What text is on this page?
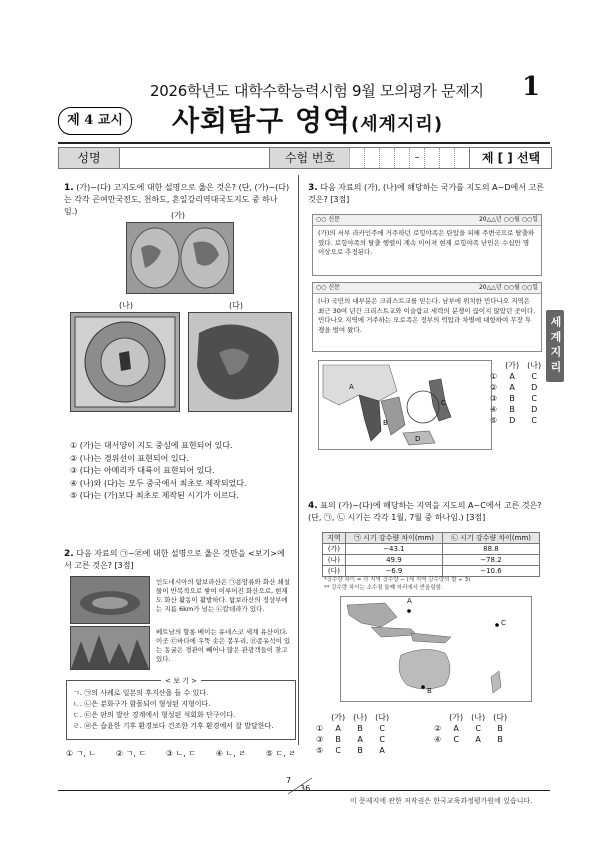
2026학년도 대학수학능력시험 9월 모의평가 문제지 1
제 4 교시	사회탐구 영역(세계지리)
성명	수험 번호	–	제 [ ] 선택
세계지리
1. (가)~(다) 고지도에 대한 설명으로 옳은 것은? (단, (가)~(다)는 각각 곤여만국전도, 천하도, 혼일강리역대국도지도 중 하나임.)	(가)
(나)	(다)
① (가)는 대서양이 지도 중심에 표현되어 있다.
② (나)는 경위선이 표현되어 있다.
③ (다)는 아메리카 대륙이 표현되어 있다.
④ (나)와 (다)는 모두 중국에서 최초로 제작되었다.
⑤ (다)는 (가)보다 최초로 제작된 시기가 이르다.
2. 다음 자료의 ㉠~㉣에 대한 설명으로 옳은 것만을 <보기>에서 고른 것은? [3점]
인도네시아의 탐보라산은 ㉠용암류와 화산 쇄설물이 반복적으로 쌓여 이루어진 화산으로, 현재도 화산 활동이 활발하다. 탐보라산의 정상부에는 지름 6km가 넘는 ㉡칼데라가 있다.
베트남의 할롱 베이는 유네스코 세계 유산이다. 이곳 ㉢바다에 우뚝 솟은 봉우리, ㉣종유석이 있는 동굴은 경관이 빼어나 많은 관광객들이 찾고 있다.
< 보 기 >
ㄱ. ㉠의 사례로 일본의 후지산을 들 수 있다.
ㄴ. ㉡은 분화구가 함몰되어 형성된 지형이다.
ㄷ. ㉢은 판의 발산 경계에서 형성된 석회화 단구이다.
ㄹ. ㉣은 습윤한 기후 환경보다 건조한 기후 환경에서 잘 발달한다.
① ㄱ, ㄴ ② ㄱ, ㄷ ③ ㄴ, ㄷ ④ ㄴ, ㄹ ⑤ ㄷ, ㄹ
3. 다음 자료의 (가), (나)에 해당하는 국가를 지도의 A~D에서 고른 것은? [3점]
○○ 신문	20△△년 ○○월 ○○일
(가)의 서부 라카인주에 거주하던 로힝야족은 탄압을 피해 주변국으로 탈출하였다. 로힝야족의 탈출 행렬이 계속 이어져 현재 로힝야족 난민은 수십만 명 이상으로 추정된다.
○○ 신문	20△△년 ○○월 ○○일
(나) 국민의 대부분은 크리스트교를 믿는다. 남부에 위치한 민다나오 지역은 최근 30여 년간 크리스트교와 이슬람교 세력의 분쟁이 끊이지 않았던 곳이다. 민다나오 지역에 거주하는 모로족은 정부의 억압과 차별에 대항하여 무장 투쟁을 벌여 왔다.
A
B
C
D
	(가)	(나)
①	A	C
②	A	D
③	B	C
④	B	D
⑤	D	C
4. 표의 (가)~(다)에 해당하는 지역을 지도의 A~C에서 고른 것은? (단, ㉠, ㉡ 시기는 각각 1월, 7월 중 하나임.) [3점]
지역	㉠ 시기 강수량 차이(mm)	㉡ 시기 강수량 차이(mm)
(가)	−43.1	88.8
(나)	49.9	−78.2
(다)	−6.9	−10.6
*강수량 차이 = 각 지역 강수량 − (세 지역 강수량의 합 ÷ 3)
** 강수량 차이는 소수점 둘째 자리에서 반올림함.
A
B
C
	(가)	(나)	(다)
①	A	B	C
③	B	A	C
⑤	C	B	A
	(가)	(나)	(다)
②	A	C	B
④	C	A	B
7
36
이 문제지에 관한 저작권은 한국교육과정평가원에 있습니다.
